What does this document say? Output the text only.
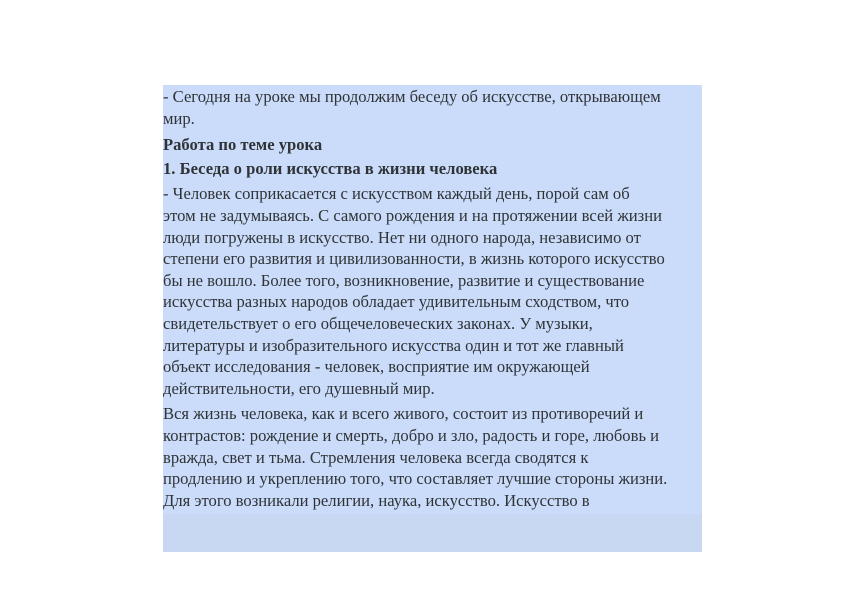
- Сегодня на уроке мы продолжим беседу об искусстве, открывающем
мир.

Работа по теме урока

1. Беседа о роли искусства в жизни человека

- Человек соприкасается с искусством каждый день, порой сам об
этом не задумываясь. С самого рождения и на протяжении всей жизни
люди погружены в искусство. Нет ни одного народа, независимо от
степени его развития и цивилизованности, в жизнь которого искусство
бы не вошло. Более того, возникновение, развитие и существование
искусства разных народов обладает удивительным сходством, что
свидетельствует о его общечеловеческих законах. У музыки,
литературы и изобразительного искусства один и тот же главный
объект исследования - человек, восприятие им окружающей
действительности, его душевный мир.

Вся жизнь человека, как и всего живого, состоит из противоречий и
контрастов: рождение и смерть, добро и зло, радость и горе, любовь и
вражда, свет и тьма. Стремления человека всегда сводятся к
продлению и укреплению того, что составляет лучшие стороны жизни.
Для этого возникали религии, наука, искусство. Искусство в
